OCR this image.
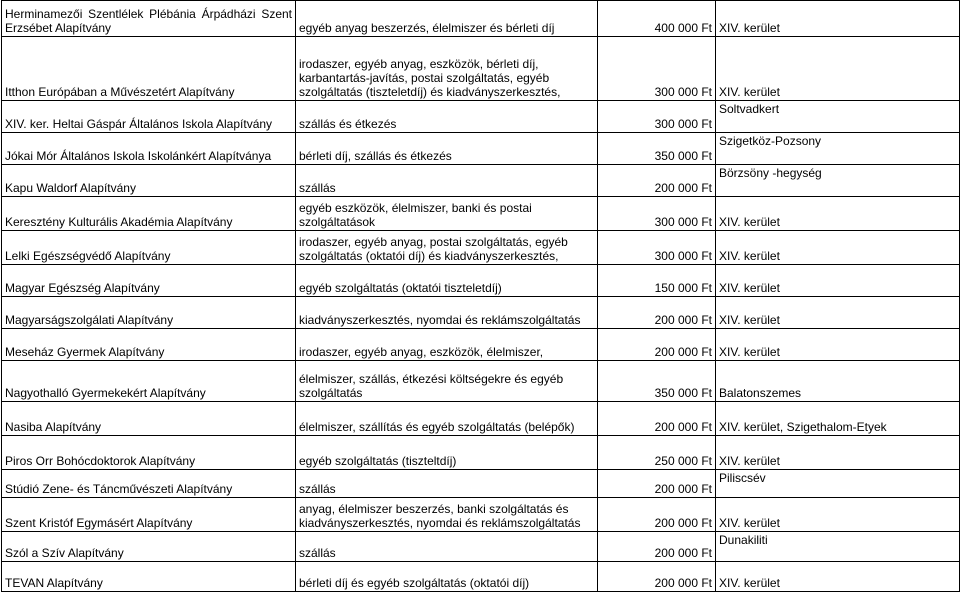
Herminamezői Szentlélek Plébánia Árpádházi Szent Erzsébet Alapítvány	egyéb anyag beszerzés, élelmiszer és bérleti díj	400 000 Ft	XIV. kerület
Itthon Európában a Művészetért Alapítvány	irodaszer, egyéb anyag, eszközök, bérleti díj, karbantartás-javítás, postai szolgáltatás, egyéb szolgáltatás (tiszteletdíj) és kiadványszerkesztés,	300 000 Ft	XIV. kerület
XIV. ker. Heltai Gáspár Általános Iskola Alapítvány	szállás és étkezés	300 000 Ft	Soltvadkert
Jókai Mór Általános Iskola Iskolánkért Alapítványa	bérleti díj, szállás és étkezés	350 000 Ft	Szigetköz-Pozsony
Kapu Waldorf Alapítvány	szállás	200 000 Ft	Börzsöny -hegység
Keresztény Kulturális Akadémia Alapítvány	egyéb eszközök, élelmiszer, banki és postai szolgáltatások	300 000 Ft	XIV. kerület
Lelki Egészségvédő Alapítvány	irodaszer, egyéb anyag, postai szolgáltatás, egyéb szolgáltatás (oktatói díj) és kiadványszerkesztés,	300 000 Ft	XIV. kerület
Magyar Egészség Alapítvány	egyéb szolgáltatás (oktatói tiszteletdíj)	150 000 Ft	XIV. kerület
Magyarságszolgálati Alapítvány	kiadványszerkesztés, nyomdai és reklámszolgáltatás	200 000 Ft	XIV. kerület
Meseház Gyermek Alapítvány	irodaszer, egyéb anyag, eszközök, élelmiszer,	200 000 Ft	XIV. kerület
Nagyothalló Gyermekekért Alapítvány	élelmiszer, szállás, étkezési költségekre és egyéb szolgáltatás	350 000 Ft	Balatonszemes
Nasiba Alapítvány	élelmiszer, szállítás és egyéb szolgáltatás (belépők)	200 000 Ft	XIV. kerület, Szigethalom-Etyek
Piros Orr Bohócdoktorok Alapítvány	egyéb szolgáltatás (tiszteltdíj)	250 000 Ft	XIV. kerület
Stúdió Zene- és Táncművészeti Alapítvány	szállás	200 000 Ft	Piliscsév
Szent Kristóf Egymásért Alapítvány	anyag, élelmiszer beszerzés, banki szolgáltatás és kiadványszerkesztés, nyomdai és reklámszolgáltatás	200 000 Ft	XIV. kerület
Szól a Szív Alapítvány	szállás	200 000 Ft	Dunakiliti
TEVAN Alapítvány	bérleti díj és egyéb szolgáltatás (oktatói díj)	200 000 Ft	XIV. kerület
